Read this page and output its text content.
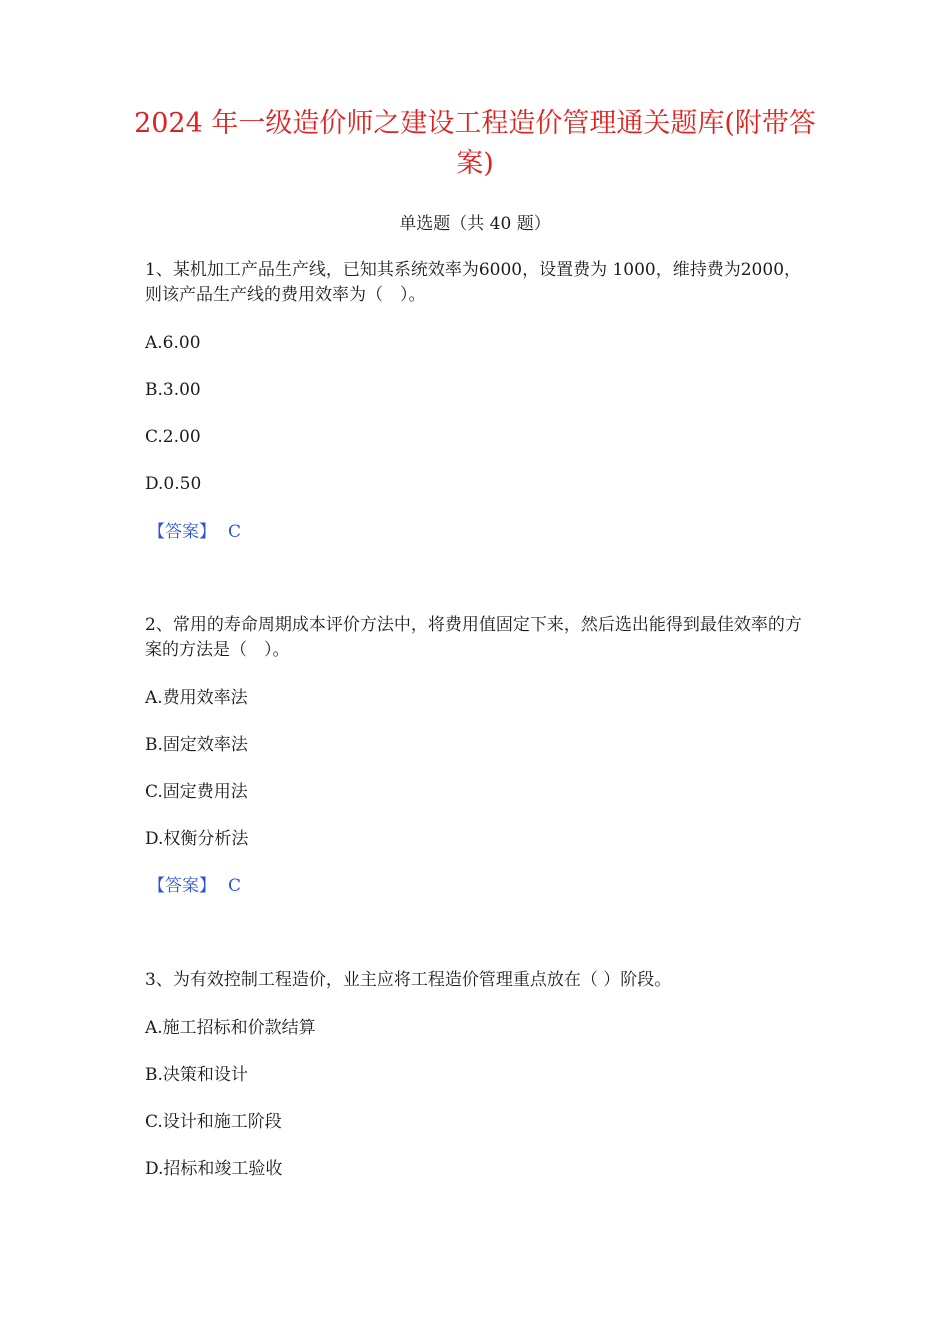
2024 年一级造价师之建设工程造价管理通关题库(附带答案)

单选题（共 40 题）

1、某机加工产品生产线，已知其系统效率为6000，设置费为 1000，维持费为2000，则该产品生产线的费用效率为（　）。

A.6.00

B.3.00

C.2.00

D.0.50

【答案】 C

2、常用的寿命周期成本评价方法中，将费用值固定下来，然后选出能得到最佳效率的方案的方法是（　）。

A.费用效率法

B.固定效率法

C.固定费用法

D.权衡分析法

【答案】 C

3、为有效控制工程造价，业主应将工程造价管理重点放在（ ）阶段。

A.施工招标和价款结算

B.决策和设计

C.设计和施工阶段

D.招标和竣工验收
